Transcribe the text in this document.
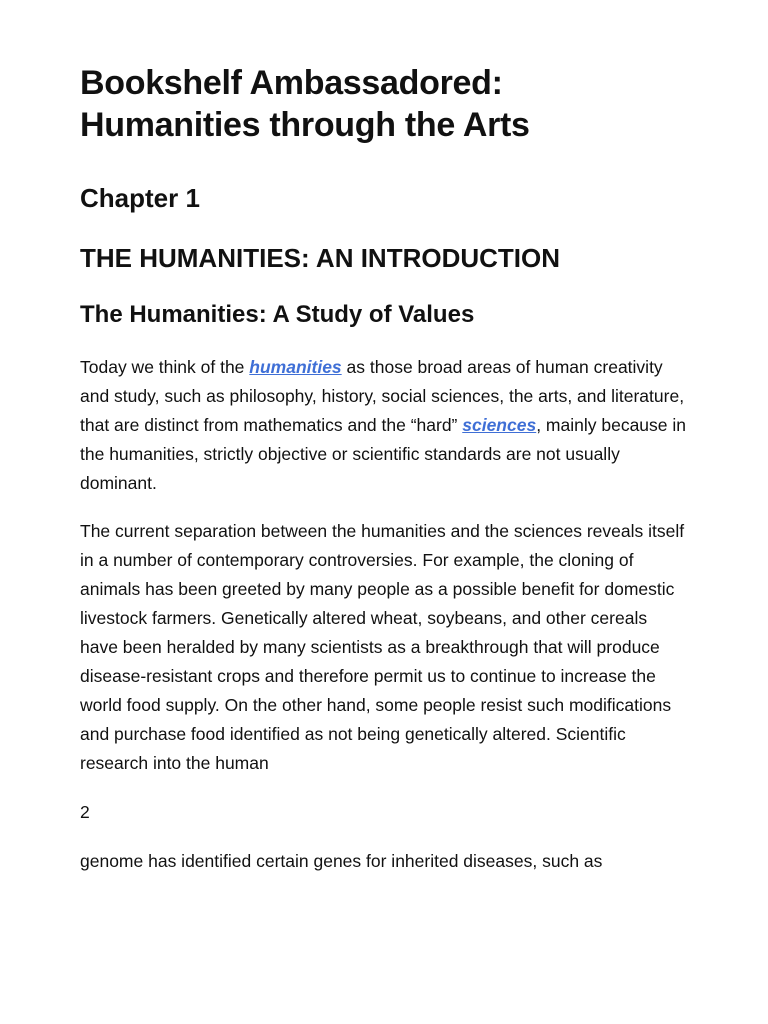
Bookshelf Ambassadored:
Humanities through the Arts
Chapter 1
THE HUMANITIES: AN INTRODUCTION
The Humanities: A Study of Values

Today we think of the humanities as those broad areas of human creativity and study, such as philosophy, history, social sciences, the arts, and literature, that are distinct from mathematics and the “hard” sciences, mainly because in the humanities, strictly objective or scientific standards are not usually dominant.

The current separation between the humanities and the sciences reveals itself in a number of contemporary controversies. For example, the cloning of animals has been greeted by many people as a possible benefit for domestic livestock farmers. Genetically altered wheat, soybeans, and other cereals have been heralded by many scientists as a breakthrough that will produce disease-resistant crops and therefore permit us to continue to increase the world food supply. On the other hand, some people resist such modifications and purchase food identified as not being genetically altered. Scientific research into the human

2

genome has identified certain genes for inherited diseases, such as
